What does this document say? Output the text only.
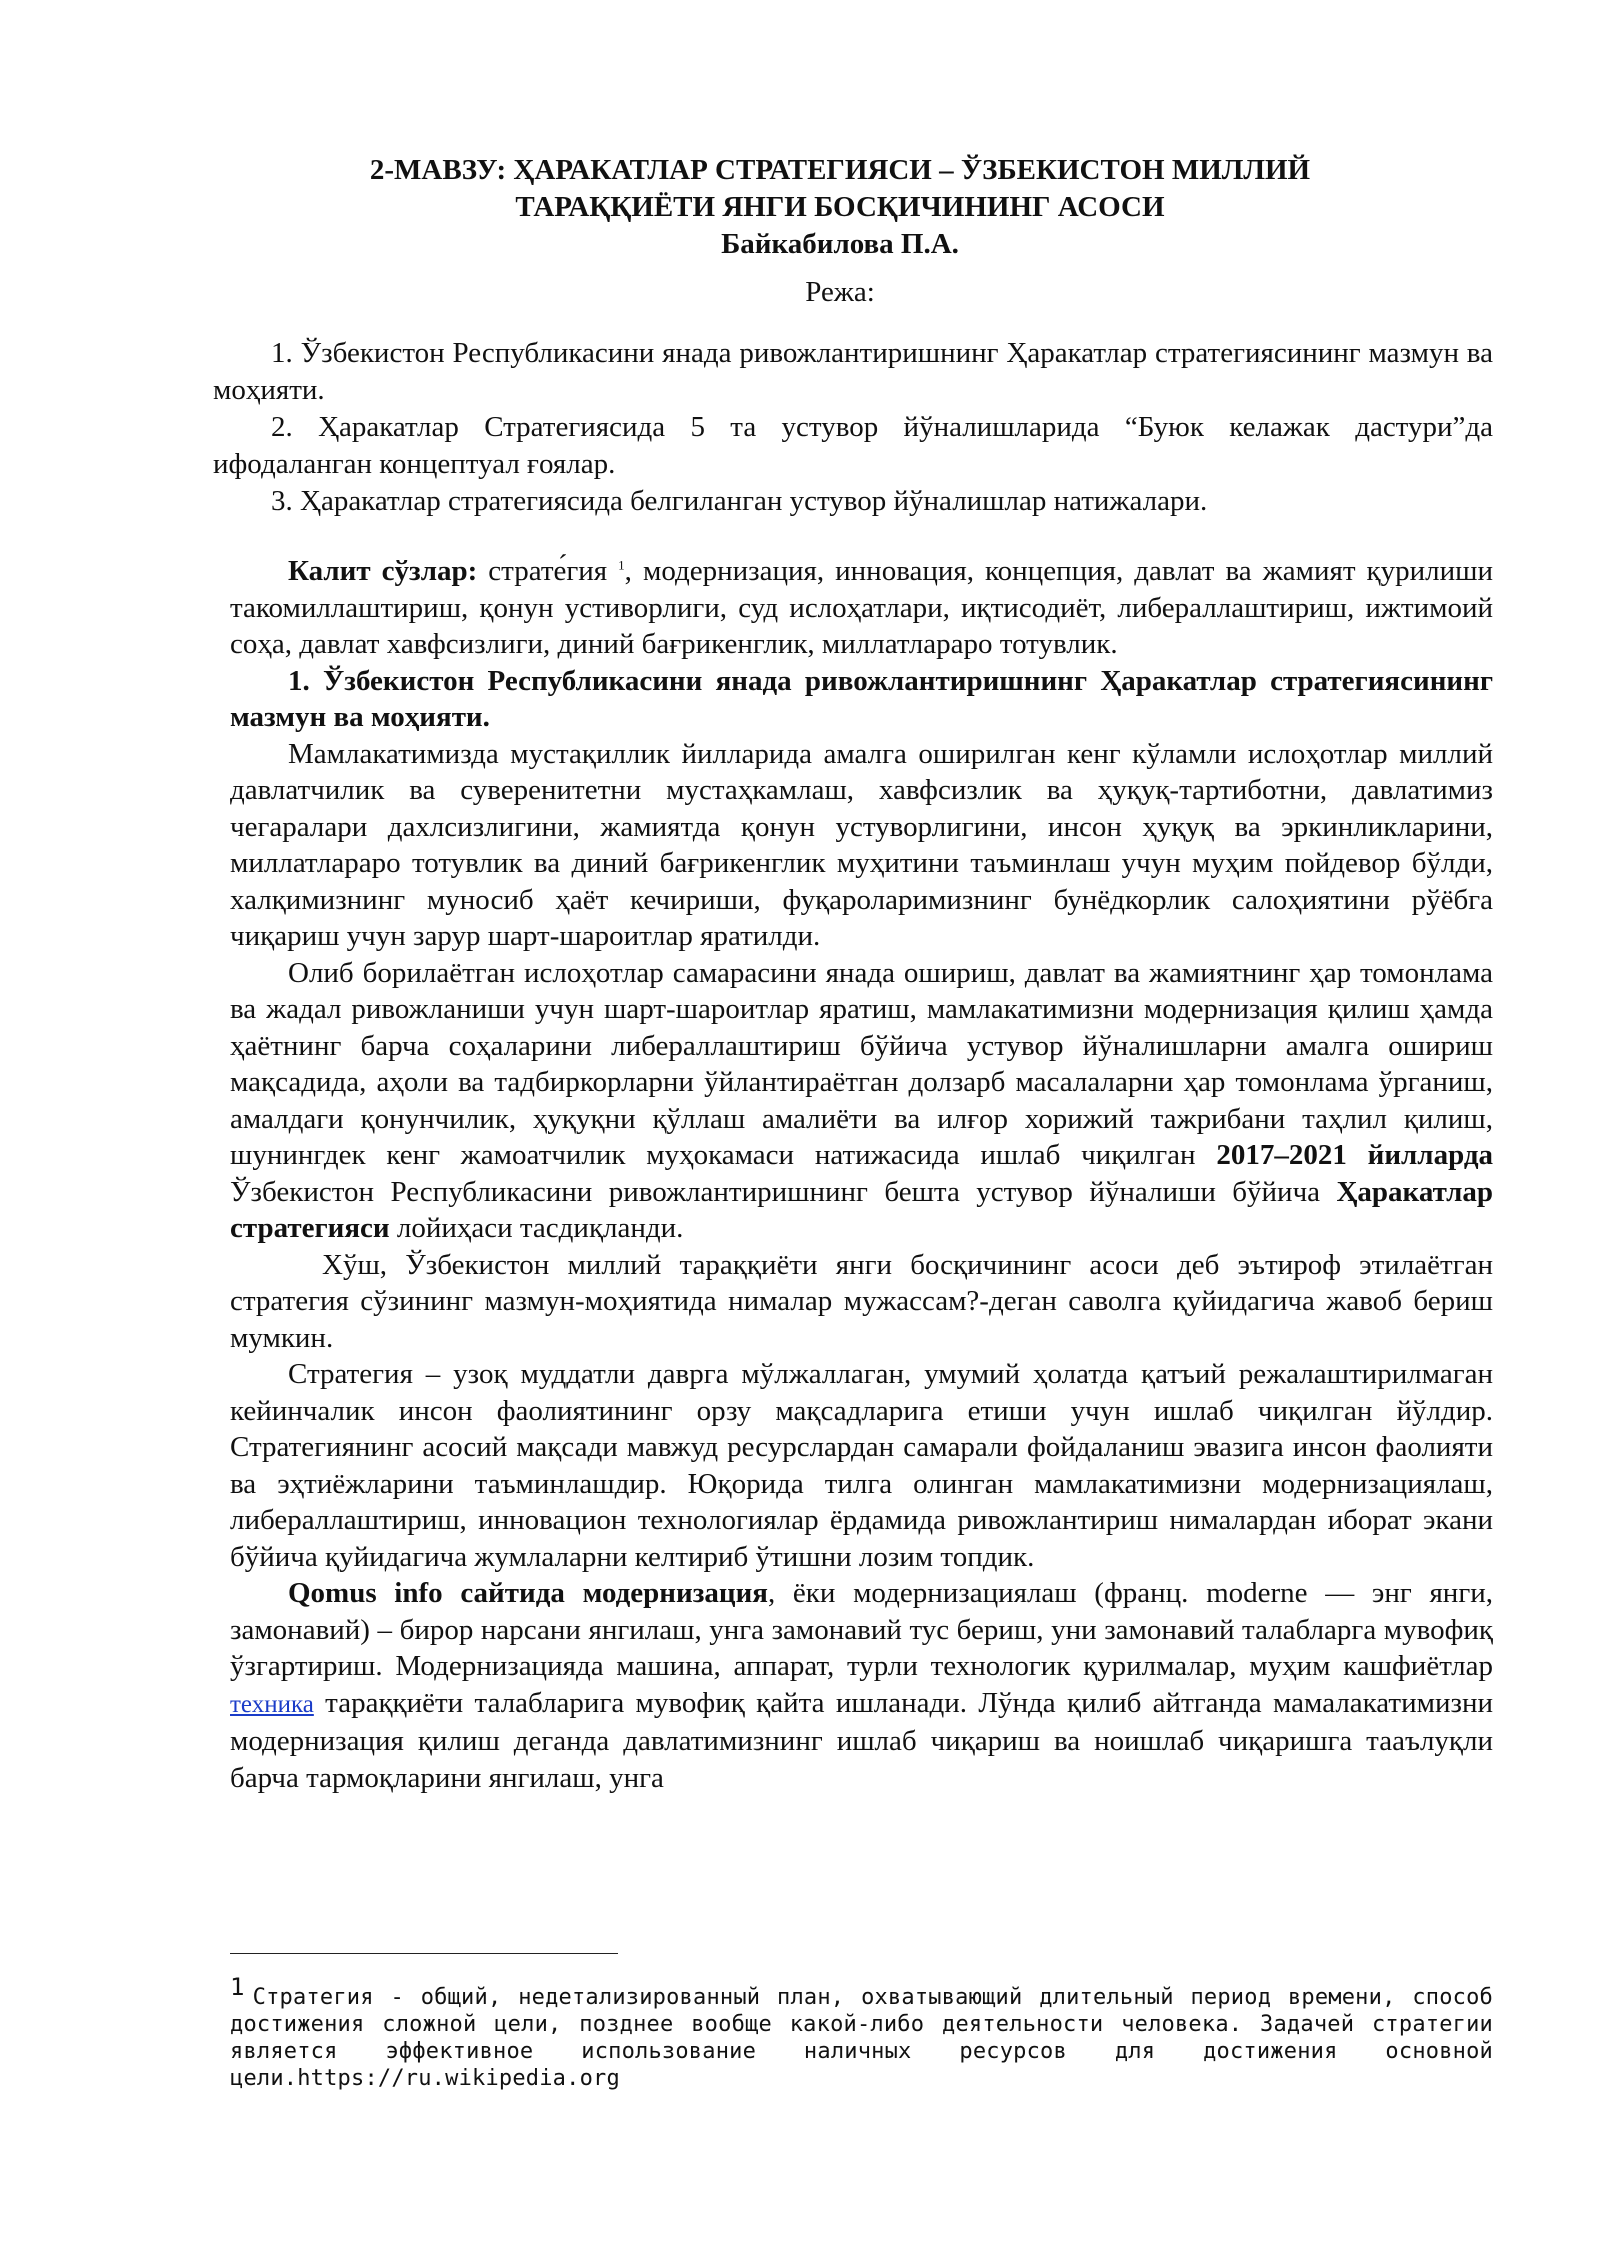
2-МАВЗУ: ҲАРАКАТЛАР СТРАТЕГИЯСИ – ЎЗБЕКИСТОН МИЛЛИЙ
ТАРАҚҚИЁТИ ЯНГИ БОСҚИЧИНИНГ АСОСИ
Байкабилова П.А.
Режа:

1. Ўзбекистон Республикасини янада ривожлантиришнинг Ҳаракатлар стратегиясининг мазмун ва моҳияти.

2. Ҳаракатлар Стратегиясида 5 та устувор йўналишларида “Буюк келажак дастури”да ифодаланган концептуал ғоялар.

3. Ҳаракатлар стратегиясида белгиланган устувор йўналишлар натижалари.

Калит сўзлар: страте́гия $^1$, модернизация, инновация, концепция, давлат ва жамият қурилиши такомиллаштириш, қонун устиворлиги, суд ислоҳатлари, иқтисодиёт, либераллаштириш, ижтимоий соҳа, давлат хавфсизлиги, диний бағрикенглик, миллатлараро тотувлик.

1. Ўзбекистон Республикасини янада ривожлантиришнинг Ҳаракатлар стратегиясининг мазмун ва моҳияти.

Мамлакатимизда мустақиллик йилларида амалга оширилган кенг кўламли ислоҳотлар миллий давлатчилик ва суверенитетни мустаҳкамлаш, хавфсизлик ва ҳуқуқ-тартиботни, давлатимиз чегаралари дахлсизлигини, жамиятда қонун устуворлигини, инсон ҳуқуқ ва эркинликларини, миллатлараро тотувлик ва диний бағрикенглик муҳитини таъминлаш учун муҳим пойдевор бўлди, халқимизнинг муносиб ҳаёт кечириши, фуқароларимизнинг бунёдкорлик салоҳиятини рўёбга чиқариш учун зарур шарт-шароитлар яратилди.

Олиб борилаётган ислоҳотлар самарасини янада ошириш, давлат ва жамиятнинг ҳар томонлама ва жадал ривожланиши учун шарт-шароитлар яратиш, мамлакатимизни модернизация қилиш ҳамда ҳаётнинг барча соҳаларини либераллаштириш бўйича устувор йўналишларни амалга ошириш мақсадида, аҳоли ва тадбиркорларни ўйлантираётган долзарб масалаларни ҳар томонлама ўрганиш, амалдаги қонунчилик, ҳуқуқни қўллаш амалиёти ва илғор хорижий тажрибани таҳлил қилиш, шунингдек кенг жамоатчилик муҳокамаси натижасида ишлаб чиқилган 2017–2021 йилларда Ўзбекистон Республикасини ривожлантиришнинг бешта устувор йўналиши бўйича Ҳаракатлар стратегияси лойиҳаси тасдиқланди.

Хўш, Ўзбекистон миллий тараққиёти янги босқичининг асоси деб эътироф этилаётган стратегия сўзининг мазмун-моҳиятида нималар мужассам?-деган саволга қуйидагича жавоб бериш мумкин.

Стратегия – узоқ муддатли даврга мўлжаллаган, умумий ҳолатда қатъий режалаштирилмаган кейинчалик инсон фаолиятининг орзу мақсадларига етиши учун ишлаб чиқилган йўлдир. Стратегиянинг асосий мақсади мавжуд ресурслардан самарали фойдаланиш эвазига инсон фаолияти ва эҳтиёжларини таъминлашдир. Юқорида тилга олинган мамлакатимизни модернизациялаш, либераллаштириш, инновацион технологиялар ёрдамида ривожлантириш нималардан иборат экани бўйича қуйидагича жумлаларни келтириб ўтишни лозим топдик.

Qomus info сайтида модернизация, ёки модернизациялаш (франц. moderne — энг янги, замонавий) – бирор нарсани янгилаш, унга замонавий тус бериш, уни замонавий талабларга мувофиқ ўзгартириш. Модернизацияда машина, аппарат, турли технологик қурилмалар, муҳим кашфиётлар техника тараққиёти талабларига мувофиқ қайта ишланади. Лўнда қилиб айтганда мамалакатимизни модернизация қилиш деганда давлатимизнинг ишлаб чиқариш ва ноишлаб чиқаришга тааълуқли барча тармоқларини янгилаш, унга

1 Стратегия - общий, недетализированный план, охватывающий длительный период времени, способ достижения сложной цели, позднее вообще какой-либо деятельности человека. Задачей стратегии является эффективное использование наличных ресурсов для достижения основной цели.https://ru.wikipedia.org
